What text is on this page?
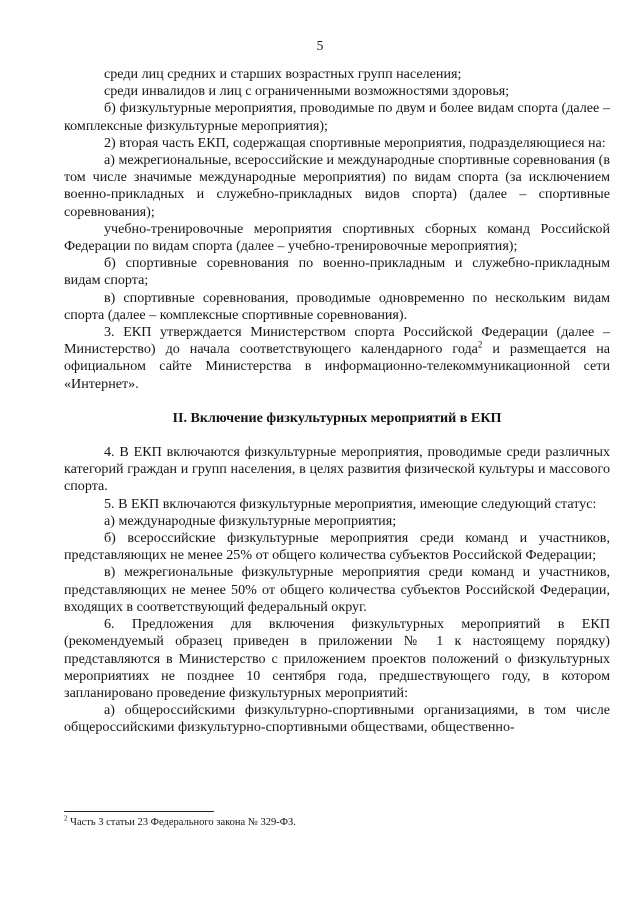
5

среди лиц средних и старших возрастных групп населения;

среди инвалидов и лиц с ограниченными возможностями здоровья;

б) физкультурные мероприятия, проводимые по двум и более видам спорта (далее – комплексные физкультурные мероприятия);

2) вторая часть ЕКП, содержащая спортивные мероприятия, подразделяющиеся на:

а) межрегиональные, всероссийские и международные спортивные соревнования (в том числе значимые международные мероприятия) по видам спорта (за исключением военно-прикладных и служебно-прикладных видов спорта) (далее – спортивные соревнования);

учебно-тренировочные мероприятия спортивных сборных команд Российской Федерации по видам спорта (далее – учебно-тренировочные мероприятия);

б) спортивные соревнования по военно-прикладным и служебно-прикладным видам спорта;

в) спортивные соревнования, проводимые одновременно по нескольким видам спорта (далее – комплексные спортивные соревнования).

3. ЕКП утверждается Министерством спорта Российской Федерации (далее – Министерство) до начала соответствующего календарного года$^2$ и размещается на официальном сайте Министерства в информационно-телекоммуникационной сети «Интернет».

II. Включение физкультурных мероприятий в ЕКП

4. В ЕКП включаются физкультурные мероприятия, проводимые среди различных категорий граждан и групп населения, в целях развития физической культуры и массового спорта.

5. В ЕКП включаются физкультурные мероприятия, имеющие следующий статус:

а) международные физкультурные мероприятия;

б) всероссийские физкультурные мероприятия среди команд и участников, представляющих не менее 25% от общего количества субъектов Российской Федерации;

в) межрегиональные физкультурные мероприятия среди команд и участников, представляющих не менее 50% от общего количества субъектов Российской Федерации, входящих в соответствующий федеральный округ.

6. Предложения для включения физкультурных мероприятий в ЕКП (рекомендуемый образец приведен в приложении № 1 к настоящему порядку) представляются в Министерство с приложением проектов положений о физкультурных мероприятиях не позднее 10 сентября года, предшествующего году, в котором запланировано проведение физкультурных мероприятий:

а) общероссийскими физкультурно-спортивными организациями, в том числе общероссийскими физкультурно-спортивными обществами, общественно-

$^2$ Часть 3 статьи 23 Федерального закона № 329-ФЗ.
